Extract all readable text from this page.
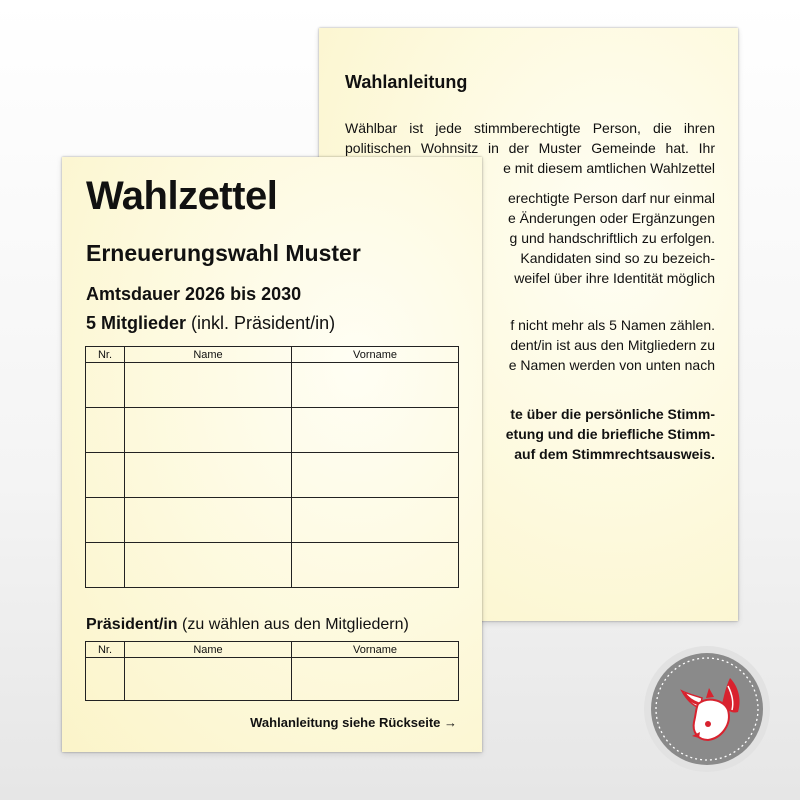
Wahlanleitung
Wählbar ist jede stimmberechtigte Person, die ihren
politischen Wohnsitz in der Muster Gemeinde hat. Ihr

e mit diesem amtlichen Wahlzettel
erechtigte Person darf nur einmal
e Änderungen oder Ergänzungen
g und handschriftlich zu erfolgen.
Kandidaten sind so zu bezeich-
weifel über ihre Identität möglich
f nicht mehr als 5 Namen zählen.
dent/in ist aus den Mitgliedern zu
e Namen werden von unten nach
te über die persönliche Stimm-
etung und die briefliche Stimm-
auf dem Stimmrechtsausweis.
Wahlzettel
Erneuerungswahl Muster
Amtsdauer 2026 bis 2030
5 Mitglieder (inkl. Präsident/in)
Nr.	Name	Vorname

Präsident/in (zu wählen aus den Mitgliedern)
Nr.	Name	Vorname

Wahlanleitung siehe Rückseite →
